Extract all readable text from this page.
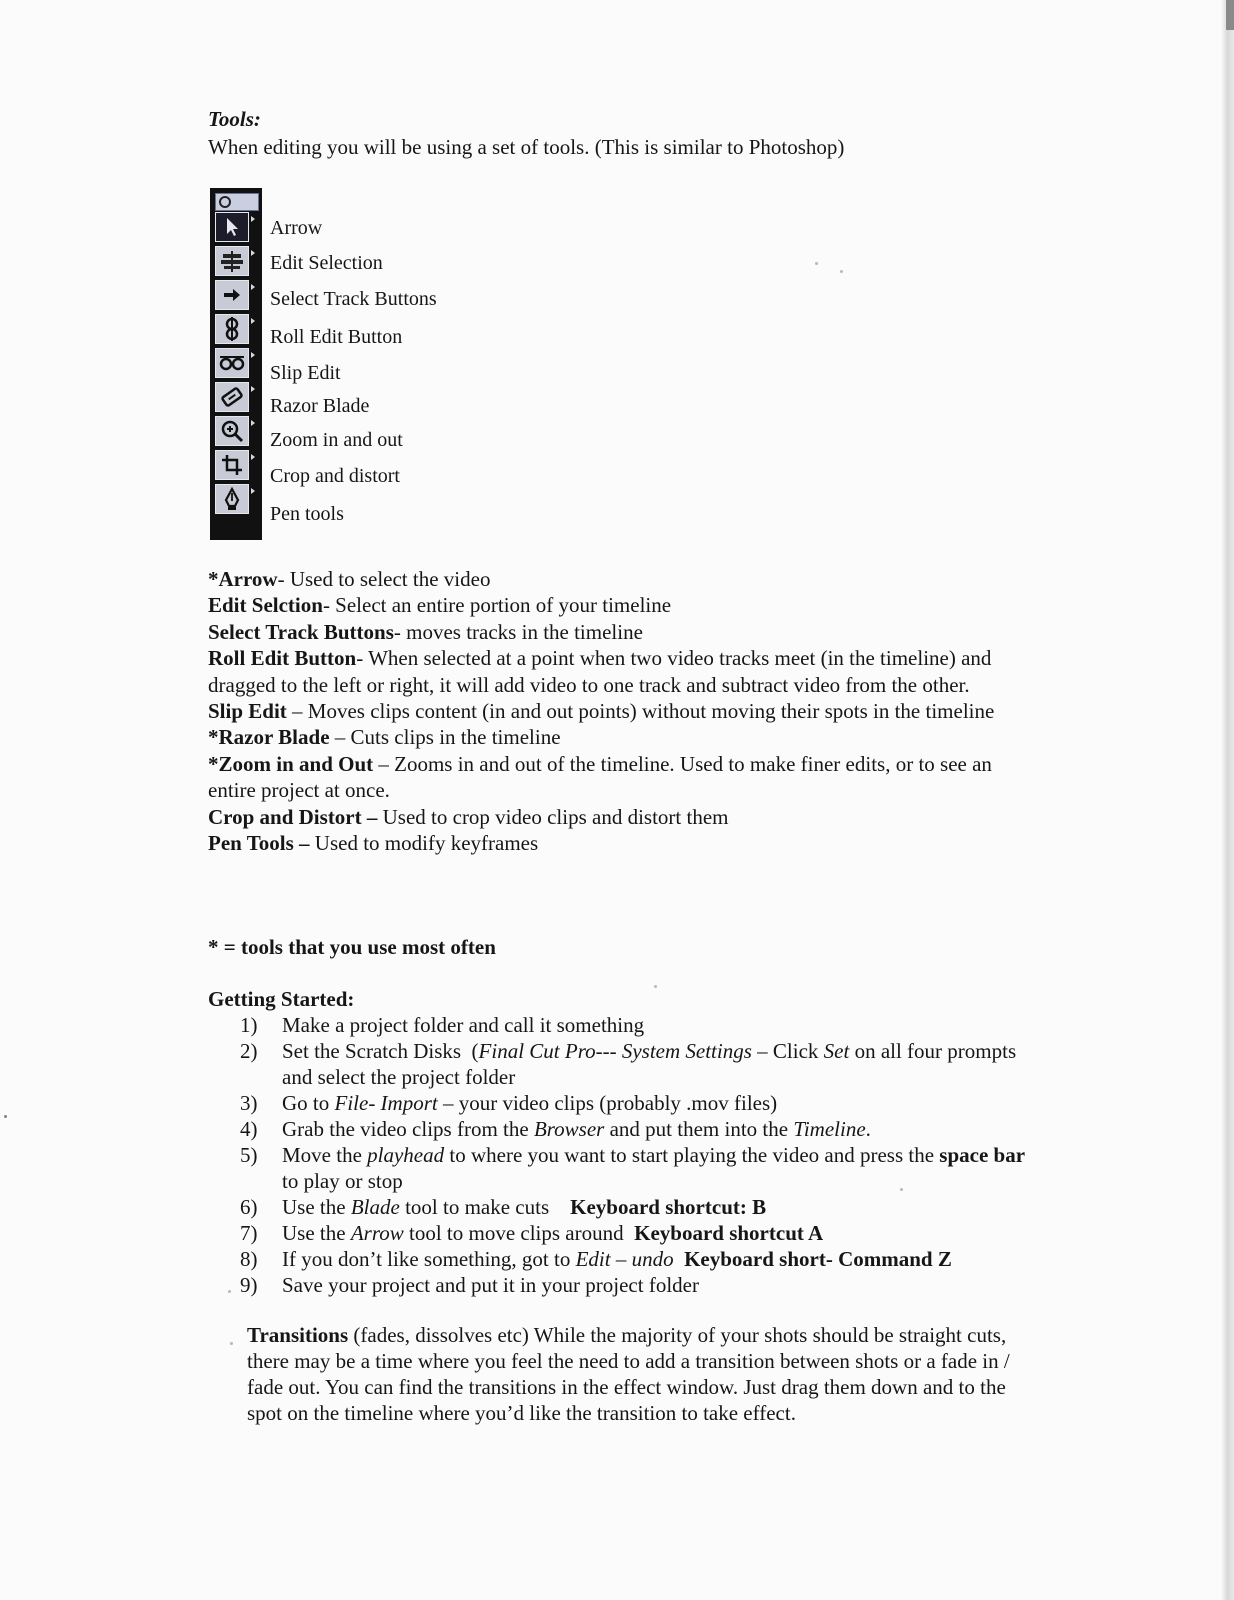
Tools:
When editing you will be using a set of tools. (This is similar to Photoshop)
Arrow
Edit Selection
Select Track Buttons
Roll Edit Button
Slip Edit
Razor Blade
Zoom in and out
Crop and distort
Pen tools

*Arrow- Used to select the video

Edit Selction- Select an entire portion of your timeline

Select Track Buttons- moves tracks in the timeline

Roll Edit Button- When selected at a point when two video tracks meet (in the timeline) and dragged to the left or right, it will add video to one track and subtract video from the other.

Slip Edit – Moves clips content (in and out points) without moving their spots in the timeline

*Razor Blade – Cuts clips in the timeline

*Zoom in and Out – Zooms in and out of the timeline. Used to make finer edits, or to see an entire project at once.

Crop and Distort – Used to crop video clips and distort them

Pen Tools – Used to modify keyframes

* = tools that you use most often
Getting Started:
1)	Make a project folder and call it something
2)	Set the Scratch Disks  (Final Cut Pro--- System Settings – Click Set on all four prompts and select the project folder
3)	Go to File- Import – your video clips (probably .mov files)
4)	Grab the video clips from the Browser and put them into the Timeline.
5)	Move the playhead to where you want to start playing the video and press the space bar to play or stop
6)	Use the Blade tool to make cuts    Keyboard shortcut: B
7)	Use the Arrow tool to move clips around  Keyboard shortcut A
8)	If you don’t like something, got to Edit – undo Keyboard short- Command Z
9)	Save your project and put it in your project folder
Transitions (fades, dissolves etc) While the majority of your shots should be straight cuts, there may be a time where you feel the need to add a transition between shots or a fade in / fade out. You can find the transitions in the effect window. Just drag them down and to the spot on the timeline where you’d like the transition to take effect.
